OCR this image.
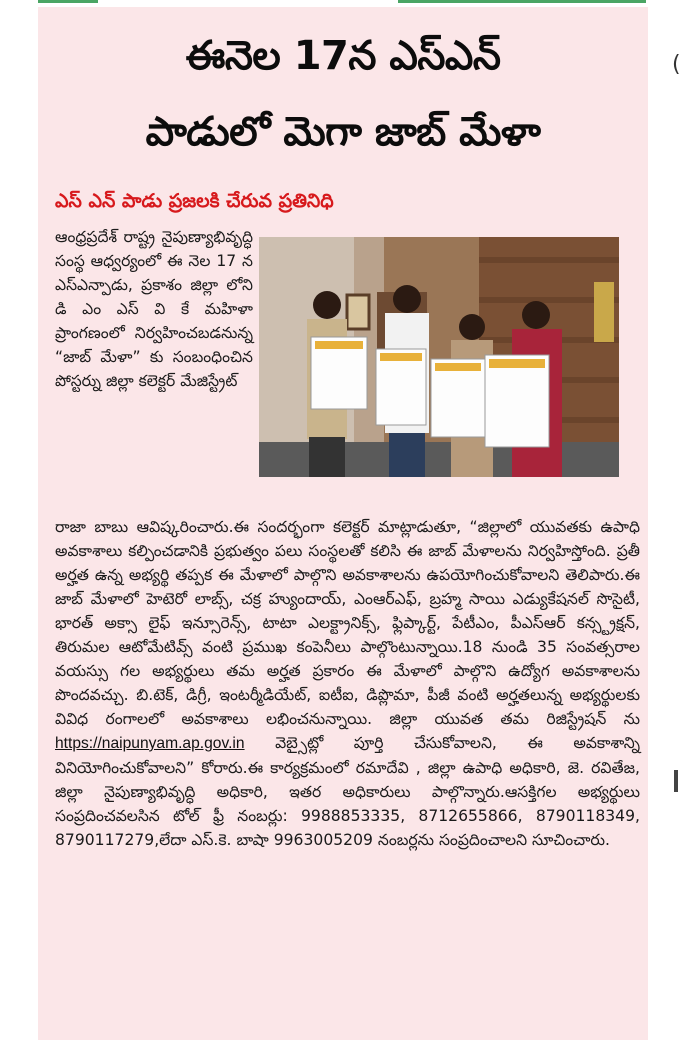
ఈనెల 17న ఎస్ఎన్
పాడులో మెగా జాబ్ మేళా
ఎస్ ఎన్ పాడు ప్రజలకి చేరువ ప్రతినిధి
ఆంధ్రప్రదేశ్ రాష్ట్ర నైపుణ్యాభివృద్ధి సంస్థ ఆధ్వర్యంలో ఈ నెల 17 న ఎస్ఎన్పాడు, ప్రకాశం జిల్లా లోని డి ఎం ఎస్ వి కే మహిళా ప్రాంగణంలో నిర్వహించబడనున్న “జాబ్ మేళా” కు సంబంధించిన పోస్టర్ను జిల్లా కలెక్టర్ మేజిస్ట్రేట్
రాజా బాబు ఆవిష్కరించారు.ఈ సందర్భంగా కలెక్టర్ మాట్లాడుతూ, “జిల్లాలో యువతకు ఉపాధి అవకాశాలు కల్పించడానికి ప్రభుత్వం పలు సంస్థలతో కలిసి ఈ జాబ్ మేళాలను నిర్వహిస్తోంది. ప్రతీ అర్హత ఉన్న అభ్యర్థి తప్పక ఈ మేళాలో పాల్గొని అవకాశాలను ఉపయోగించుకోవాలని తెలిపారు.ఈ జాబ్ మేళాలో హెటెరో లాబ్స్, చక్ర హ్యుందాయ్, ఎంఆర్ఎఫ్, బ్రహ్మ సాయి ఎడ్యుకేషనల్ సొసైటీ, భారత్ అక్సా లైఫ్ ఇన్సూరెన్స్, టాటా ఎలక్ట్రానిక్స్, ఫ్లిప్కార్ట్, పేటీఎం, పీఎస్ఆర్ కన్స్ట్రక్షన్, తిరుమల ఆటోమేటివ్స్ వంటి ప్రముఖ కంపెనీలు పాల్గొంటున్నాయి.18 నుండి 35 సంవత్సరాల వయస్సు గల అభ్యర్థులు తమ అర్హత ప్రకారం ఈ మేళాలో పాల్గొని ఉద్యోగ అవకాశాలను పొందవచ్చు. బి.టెక్, డిగ్రీ, ఇంటర్మీడియేట్, ఐటీఐ, డిప్లొమా, పీజీ వంటి అర్హతలున్న అభ్యర్థులకు వివిధ రంగాలలో అవకాశాలు లభించనున్నాయి. జిల్లా యువత తమ రిజిస్ట్రేషన్ ను https://naipunyam.ap.gov.in వెబ్సైట్లో పూర్తి చేసుకోవాలని, ఈ అవకాశాన్ని వినియోగించుకోవాలని” కోరారు.ఈ కార్యక్రమంలో రమాదేవి , జిల్లా ఉపాధి అధికారి, జె. రవితేజ, జిల్లా నైపుణ్యాభివృద్ధి అధికారి, ఇతర అధికారులు పాల్గొన్నారు.ఆసక్తిగల అభ్యర్థులు సంప్రదించవలసిన టోల్ ఫ్రీ నంబర్లు: 9988853335, 8712655866, 8790118349, 8790117279,లేదా ఎస్.కె. బాషా 9963005209 నంబర్లను సంప్రదించాలని సూచించారు.
(
